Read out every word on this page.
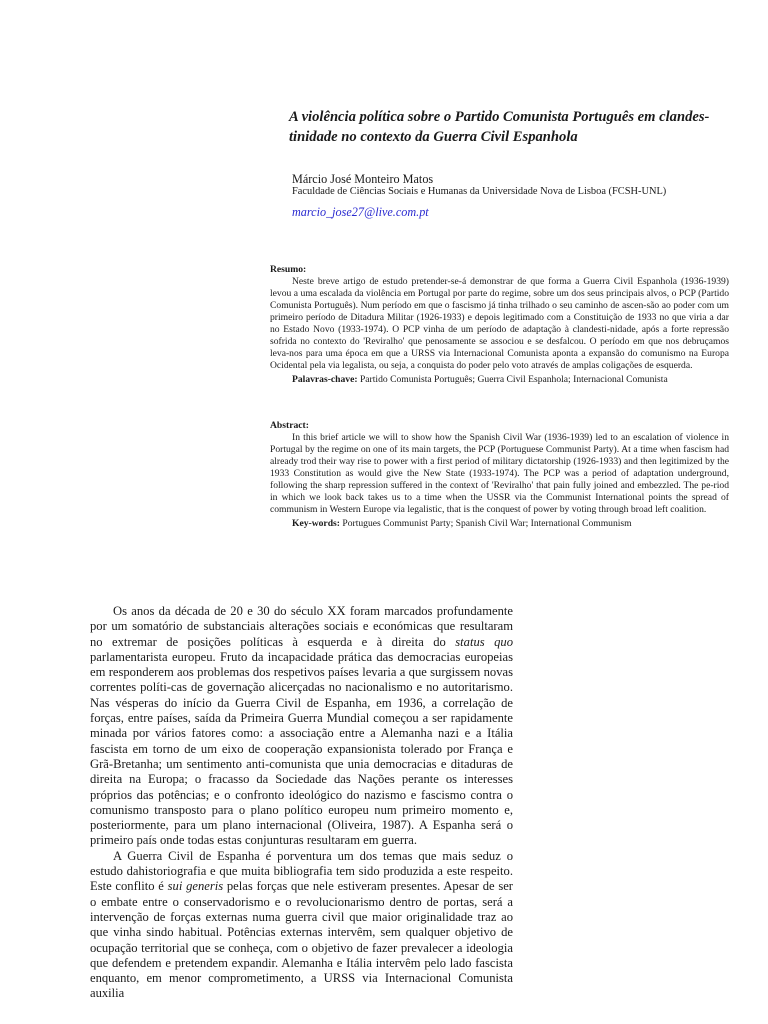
A violência política sobre o Partido Comunista Português em clandes-tinidade no contexto da Guerra Civil Espanhola

Márcio José Monteiro Matos

Faculdade de Ciências Sociais e Humanas da Universidade Nova de Lisboa (FCSH-UNL)

marcio_jose27@live.com.pt

Resumo:

Neste breve artigo de estudo pretender-se-á demonstrar de que forma a Guerra Civil Espanhola (1936-1939) levou a uma escalada da violência em Portugal por parte do regime, sobre um dos seus principais alvos, o PCP (Partido Comunista Português). Num período em que o fascismo já tinha trilhado o seu caminho de ascen-são ao poder com um primeiro período de Ditadura Militar (1926-1933) e depois legitimado com a Constituição de 1933 no que viria a dar no Estado Novo (1933-1974). O PCP vinha de um período de adaptação à clandesti-nidade, após a forte repressão sofrida no contexto do 'Reviralho' que penosamente se associou e se desfalcou. O período em que nos debruçamos leva-nos para uma época em que a URSS via Internacional Comunista aponta a expansão do comunismo na Europa Ocidental pela via legalista, ou seja, a conquista do poder pelo voto através de amplas coligações de esquerda.

Palavras-chave: Partido Comunista Português; Guerra Civil Espanhola; Internacional Comunista

Abstract:

In this brief article we will to show how the Spanish Civil War (1936-1939) led to an escalation of violence in Portugal by the regime on one of its main targets, the PCP (Portuguese Communist Party). At a time when fascism had already trod their way rise to power with a first period of military dictatorship (1926-1933) and then legitimized by the 1933 Constitution as would give the New State (1933-1974). The PCP was a period of adaptation underground, following the sharp repression suffered in the context of 'Reviralho' that pain fully joined and embezzled. The pe-riod in which we look back takes us to a time when the USSR via the Communist International points the spread of communism in Western Europe via legalistic, that is the conquest of power by voting through broad left coalition.

Key-words: Portugues Communist Party; Spanish Civil War; International Communism

Os anos da década de 20 e 30 do século XX foram marcados profundamente por um somatório de substanciais alterações sociais e económicas que resultaram no extremar de posições políticas à esquerda e à direita do status quo parlamentarista europeu. Fruto da incapacidade prática das democracias europeias em responderem aos problemas dos respetivos países levaria a que surgissem novas correntes políti-cas de governação alicerçadas no nacionalismo e no autoritarismo. Nas vésperas do início da Guerra Civil de Espanha, em 1936, a correlação de forças, entre países, saída da Primeira Guerra Mundial começou a ser rapidamente minada por vários fatores como: a associação entre a Alemanha nazi e a Itália fascista em torno de um eixo de cooperação expansionista tolerado por França e Grã-Bretanha; um sentimento anti-comunista que unia democracias e ditaduras de direita na Europa; o fracasso da Sociedade das Nações perante os interesses próprios das potências; e o confronto ideológico do nazismo e fascismo contra o comunismo transposto para o plano político europeu num primeiro momento e, posteriormente, para um plano internacional (Oliveira, 1987). A Espanha será o primeiro país onde todas estas conjunturas resultaram em guerra.

A Guerra Civil de Espanha é porventura um dos temas que mais seduz o estudo dahistoriografia e que muita bibliografia tem sido produzida a este respeito. Este conflito é sui generis pelas forças que nele estiveram presentes. Apesar de ser o embate entre o conservadorismo e o revolucionarismo dentro de portas, será a intervenção de forças externas numa guerra civil que maior originalidade traz ao que vinha sindo habitual. Potências externas intervêm, sem qualquer objetivo de ocupação territorial que se conheça, com o objetivo de fazer prevalecer a ideologia que defendem e pretendem expandir. Alemanha e Itália intervêm pelo lado fascista enquanto, em menor comprometimento, a URSS via Internacional Comunista auxilia
